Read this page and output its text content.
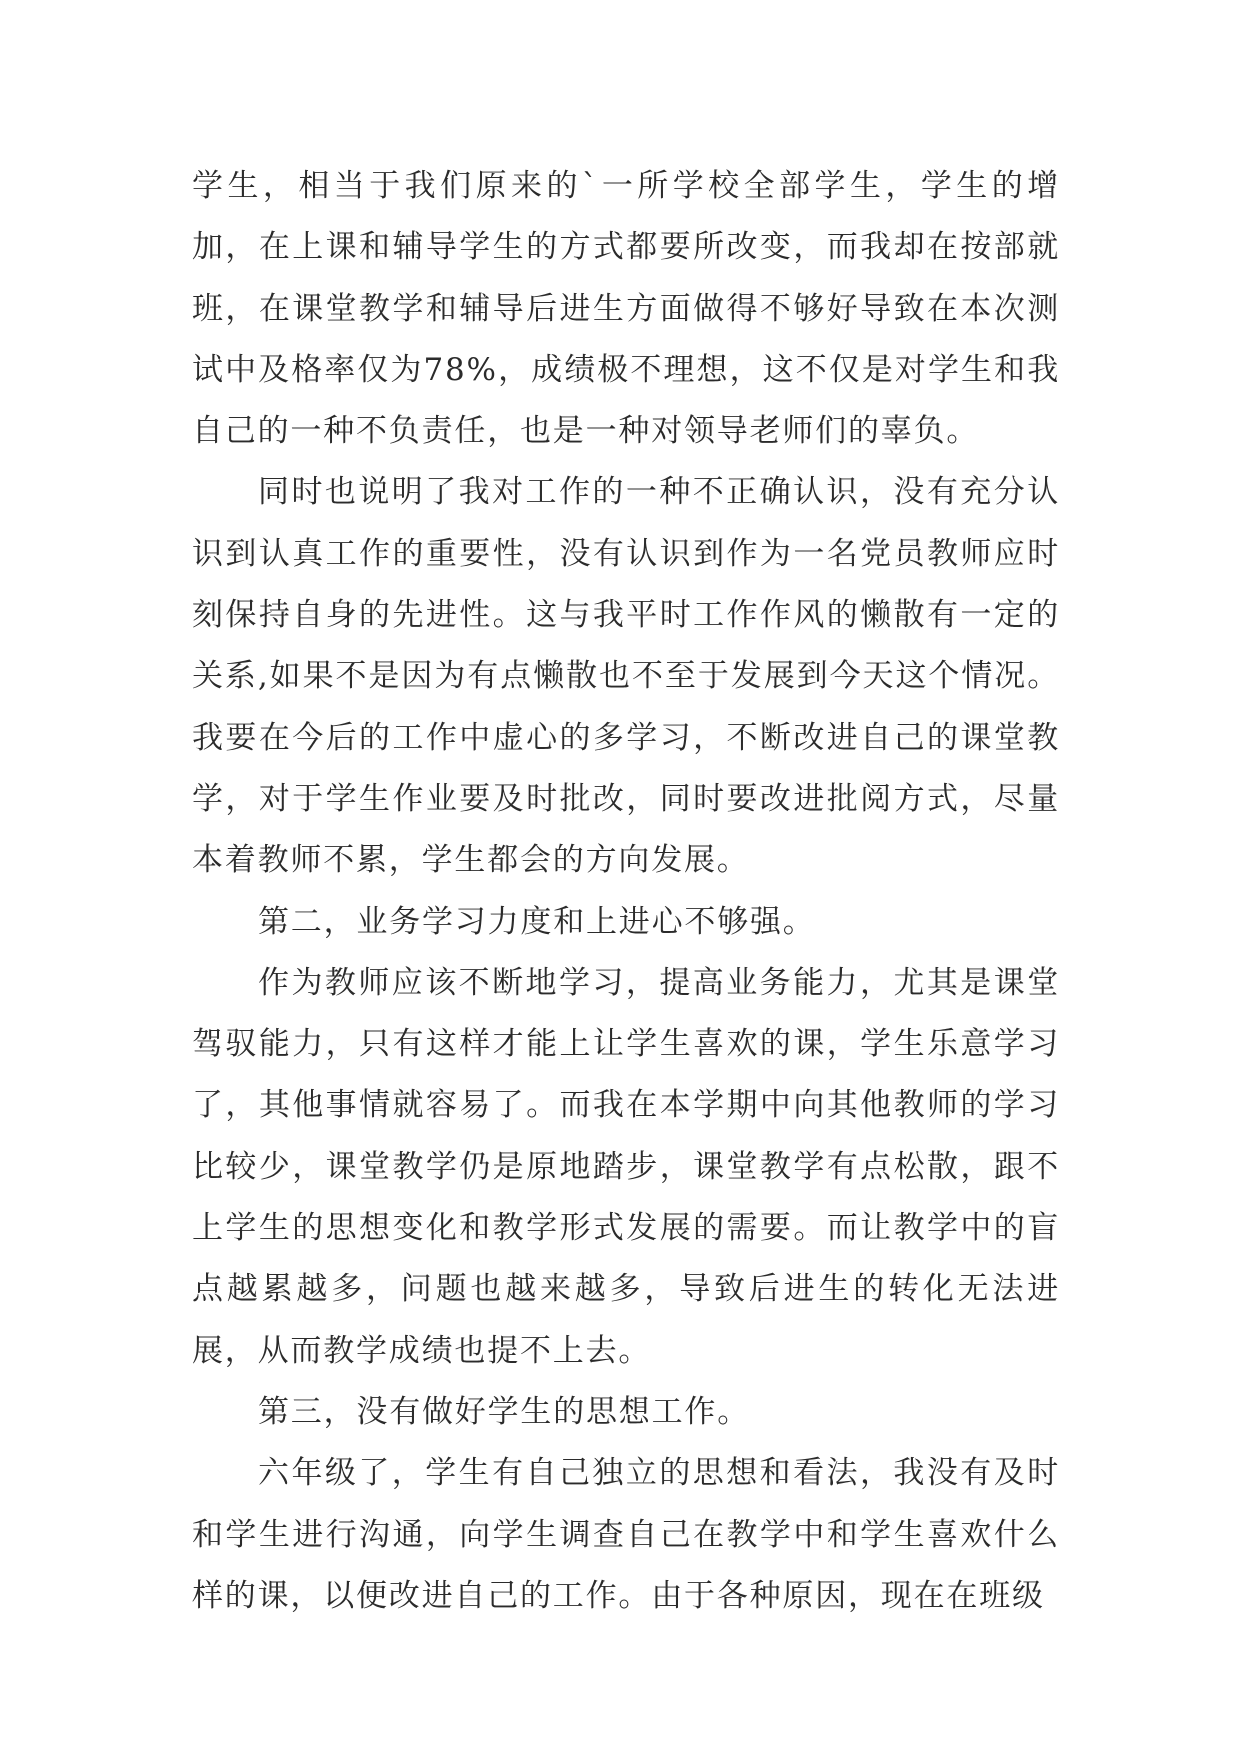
学生，相当于我们原来的`一所学校全部学生，学生的增加，在上课和辅导学生的方式都要所改变，而我却在按部就班，在课堂教学和辅导后进生方面做得不够好导致在本次测试中及格率仅为78%，成绩极不理想，这不仅是对学生和我自己的一种不负责任，也是一种对领导老师们的辜负。

同时也说明了我对工作的一种不正确认识，没有充分认识到认真工作的重要性，没有认识到作为一名党员教师应时刻保持自身的先进性。这与我平时工作作风的懒散有一定的关系,如果不是因为有点懒散也不至于发展到今天这个情况。我要在今后的工作中虚心的多学习，不断改进自己的课堂教学，对于学生作业要及时批改，同时要改进批阅方式，尽量本着教师不累，学生都会的方向发展。

第二，业务学习力度和上进心不够强。

作为教师应该不断地学习，提高业务能力，尤其是课堂驾驭能力，只有这样才能上让学生喜欢的课，学生乐意学习了，其他事情就容易了。而我在本学期中向其他教师的学习比较少，课堂教学仍是原地踏步，课堂教学有点松散，跟不上学生的思想变化和教学形式发展的需要。而让教学中的盲点越累越多，问题也越来越多，导致后进生的转化无法进展，从而教学成绩也提不上去。

第三，没有做好学生的思想工作。

六年级了，学生有自己独立的思想和看法，我没有及时和学生进行沟通，向学生调查自己在教学中和学生喜欢什么样的课，以便改进自己的工作。由于各种原因，现在在班级
